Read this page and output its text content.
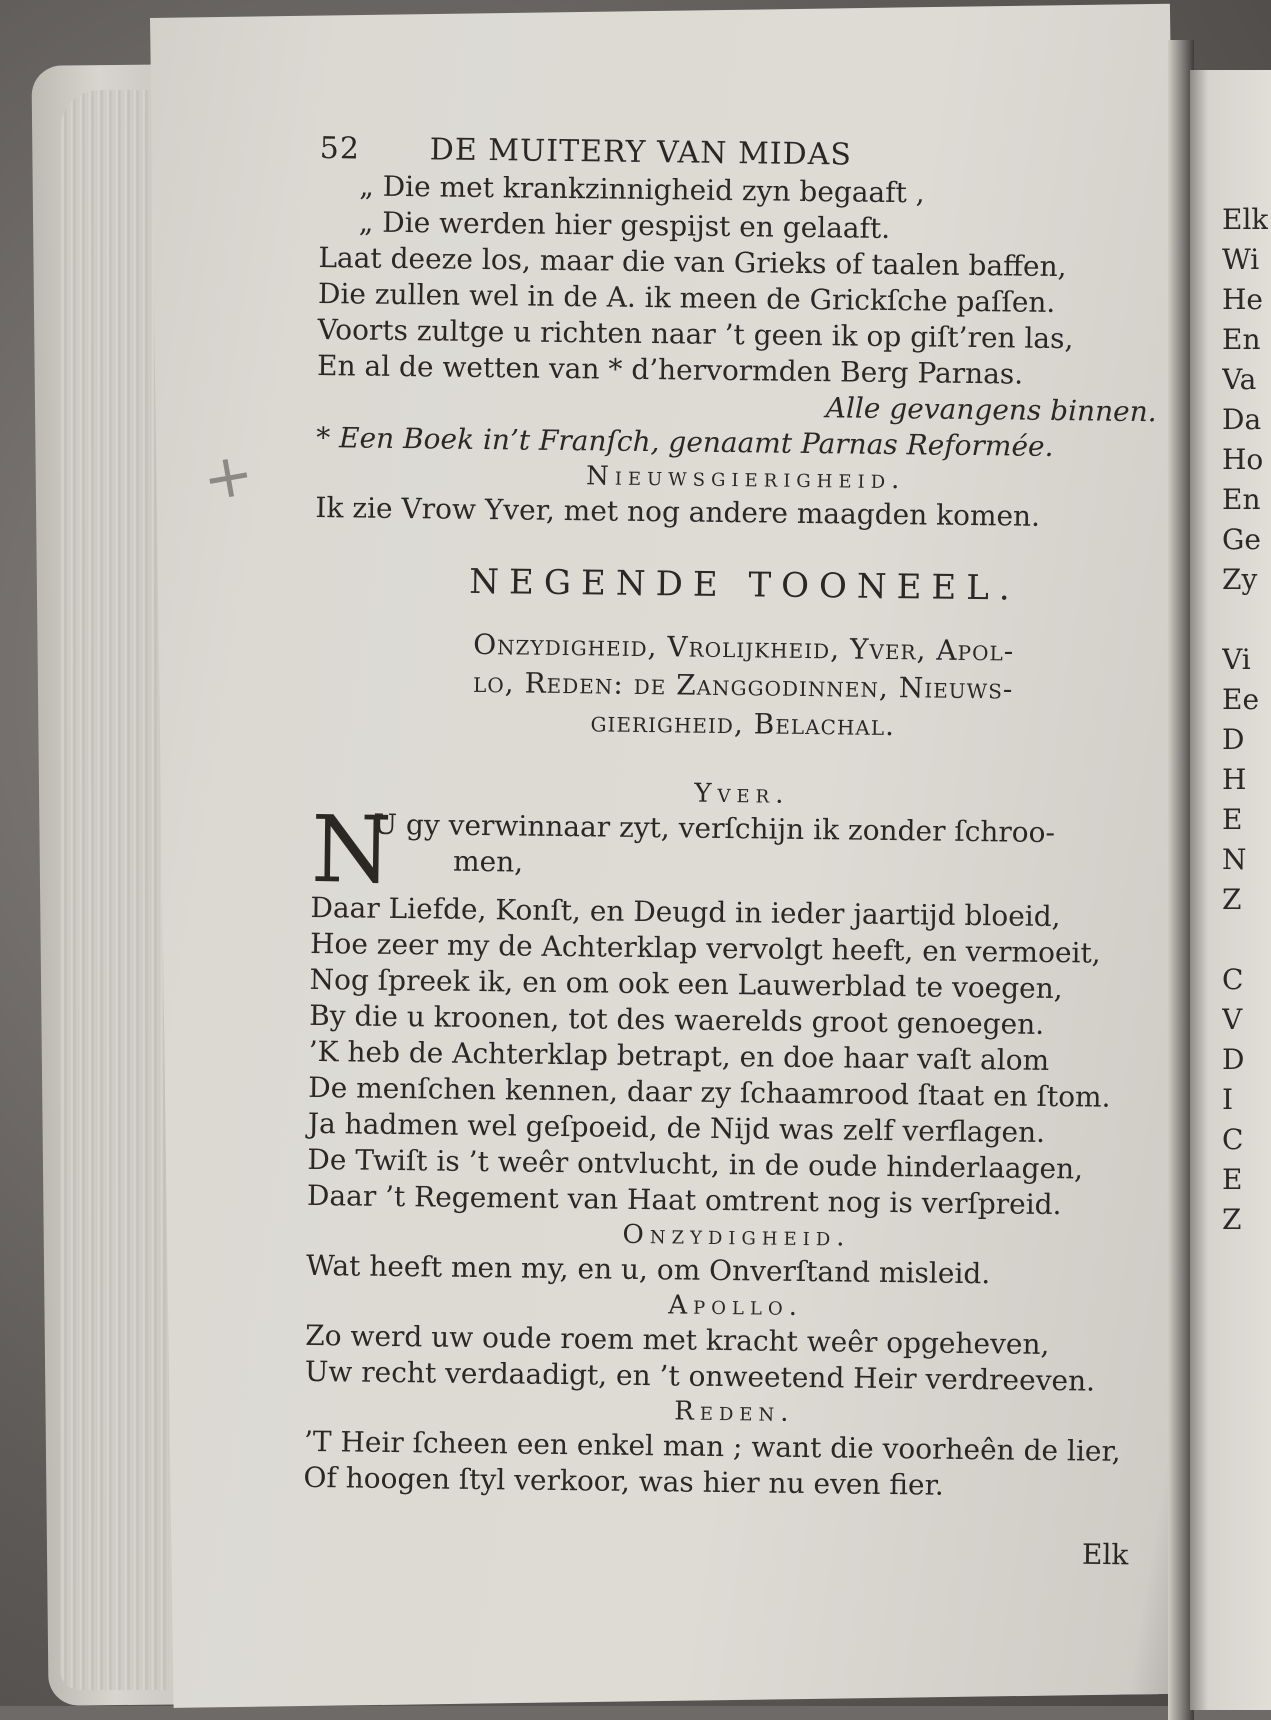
Elk
Wi
He
En
Va
Da
Ho
En
Ge
Zy
Vi
Ee
D
H
E
N
Z
C
V
D
I
C
E
Z
+
52	DE MUITERY VAN MIDAS
„ Die met krankzinnigheid zyn begaaft ,
„ Die werden hier gespijst en gelaaft.
Laat deeze los, maar die van Grieks of taalen baffen,
Die zullen wel in de A. ik meen de Grickſche paſſen.
Voorts zultge u richten naar ’t geen ik op giſt’ren las,
En al de wetten van * d’hervormden Berg Parnas.
Alle gevangens binnen.
* Een Boek in’t Franſch, genaamt Parnas Reformée.
Nieuwsgierigheid.
Ik zie Vrow Yver, met nog andere maagden komen.
NEGENDE TOONEEL.
Onzydigheid, Vrolijkheid, Yver, Apol-
lo, Reden: de Zanggodinnen, Nieuws-
gierigheid, Belachal.
Yver.
N
U gy verwinnaar zyt, verſchijn ik zonder ſchroo-
men,
Daar Liefde, Konſt, en Deugd in ieder jaartijd bloeid,
Hoe zeer my de Achterklap vervolgt heeft, en vermoeit,
Nog ſpreek ik, en om ook een Lauwerblad te voegen,
By die u kroonen, tot des waerelds groot genoegen.
’K heb de Achterklap betrapt, en doe haar vaſt alom
De menſchen kennen, daar zy ſchaamrood ſtaat en ſtom.
Ja hadmen wel geſpoeid, de Nijd was zelf verflagen.
De Twiſt is ’t weêr ontvlucht, in de oude hinderlaagen,
Daar ’t Regement van Haat omtrent nog is verſpreid.
Onzydigheid.
Wat heeft men my, en u, om Onverſtand misleid.
Apollo.
Zo werd uw oude roem met kracht weêr opgeheven,
Uw recht verdaadigt, en ’t onweetend Heir verdreeven.
Reden.
’T Heir ſcheen een enkel man ; want die voorheên de lier,
Of hoogen ſtyl verkoor, was hier nu even fier.
Elk
